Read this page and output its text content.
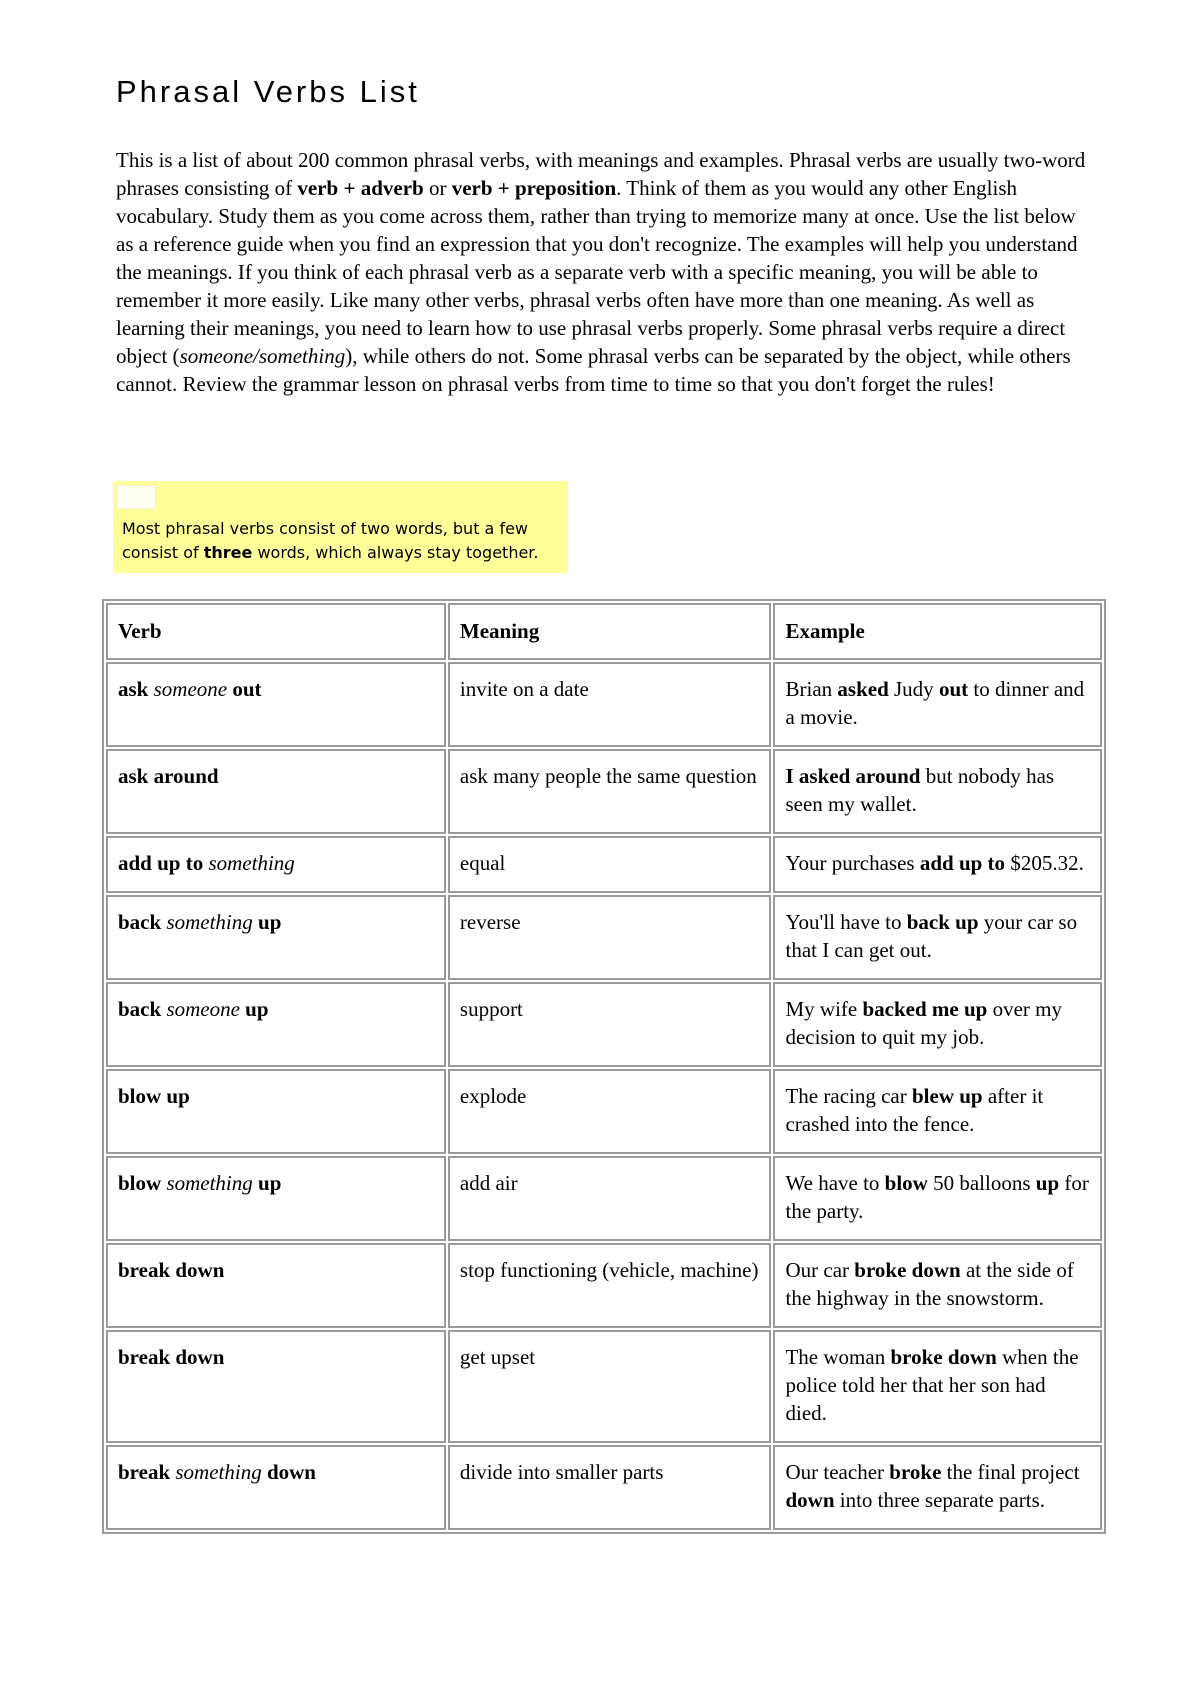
Phrasal Verbs List

This is a list of about 200 common phrasal verbs, with meanings and examples. Phrasal verbs are usually two-word phrases consisting of verb + adverb or verb + preposition. Think of them as you would any other English vocabulary. Study them as you come across them, rather than trying to memorize many at once. Use the list below as a reference guide when you find an expression that you don't recognize. The examples will help you understand the meanings. If you think of each phrasal verb as a separate verb with a specific meaning, you will be able to remember it more easily. Like many other verbs, phrasal verbs often have more than one meaning. As well as learning their meanings, you need to learn how to use phrasal verbs properly. Some phrasal verbs require a direct object (someone/something), while others do not. Some phrasal verbs can be separated by the object, while others cannot. Review the grammar lesson on phrasal verbs from time to time so that you don't forget the rules!

Most phrasal verbs consist of two words, but a few consist of three words, which always stay together.
Verb	Meaning	Example
ask someone out	invite on a date	Brian asked Judy out to dinner and a movie.
ask around	ask many people the same question	I asked around but nobody has seen my wallet.
add up to something	equal	Your purchases add up to $205.32.
back something up	reverse	You'll have to back up your car so that I can get out.
back someone up	support	My wife backed me up over my decision to quit my job.
blow up	explode	The racing car blew up after it crashed into the fence.
blow something up	add air	We have to blow 50 balloons up for the party.
break down	stop functioning (vehicle, machine)	Our car broke down at the side of the highway in the snowstorm.
break down	get upset	The woman broke down when the police told her that her son had died.
break something down	divide into smaller parts	Our teacher broke the final project down into three separate parts.
